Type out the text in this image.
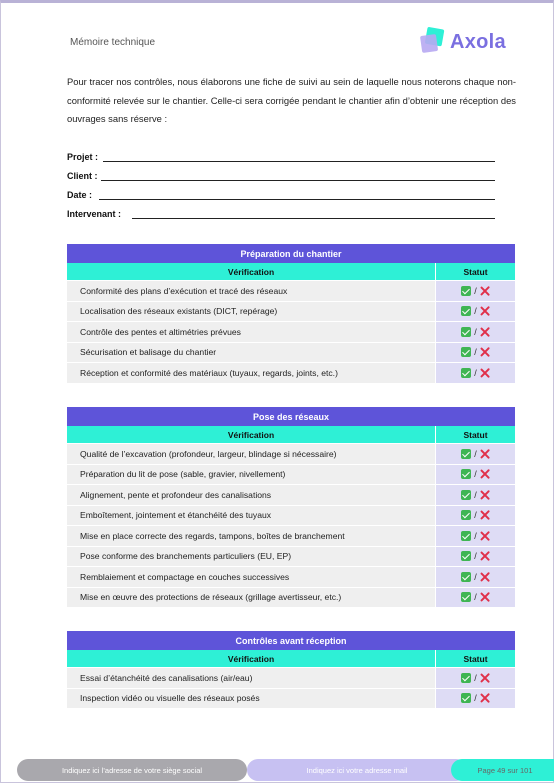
Mémoire technique	Axola

Pour tracer nos contrôles, nous élaborons une fiche de suivi au sein de laquelle nous noterons chaque non-conformité relevée sur le chantier. Celle-ci sera corrigée pendant le chantier afin d’obtenir une réception des ouvrages sans réserve :

Projet :
Client :
Date :
Intervenant :
Préparation du chantier
Vérification	Statut
Conformité des plans d’exécution et tracé des réseaux	/
Localisation des réseaux existants (DICT, repérage)	/
Contrôle des pentes et altimétries prévues	/
Sécurisation et balisage du chantier	/
Réception et conformité des matériaux (tuyaux, regards, joints, etc.)	/
Pose des réseaux
Vérification	Statut
Qualité de l’excavation (profondeur, largeur, blindage si nécessaire)	/
Préparation du lit de pose (sable, gravier, nivellement)	/
Alignement, pente et profondeur des canalisations	/
Emboîtement, jointement et étanchéité des tuyaux	/
Mise en place correcte des regards, tampons, boîtes de branchement	/
Pose conforme des branchements particuliers (EU, EP)	/
Remblaiement et compactage en couches successives	/
Mise en œuvre des protections de réseaux (grillage avertisseur, etc.)	/
Contrôles avant réception
Vérification	Statut
Essai d’étanchéité des canalisations (air/eau)	/
Inspection vidéo ou visuelle des réseaux posés	/
Indiquez ici l’adresse de votre siège social	Indiquez ici votre adresse mail	Page 49 sur 101
